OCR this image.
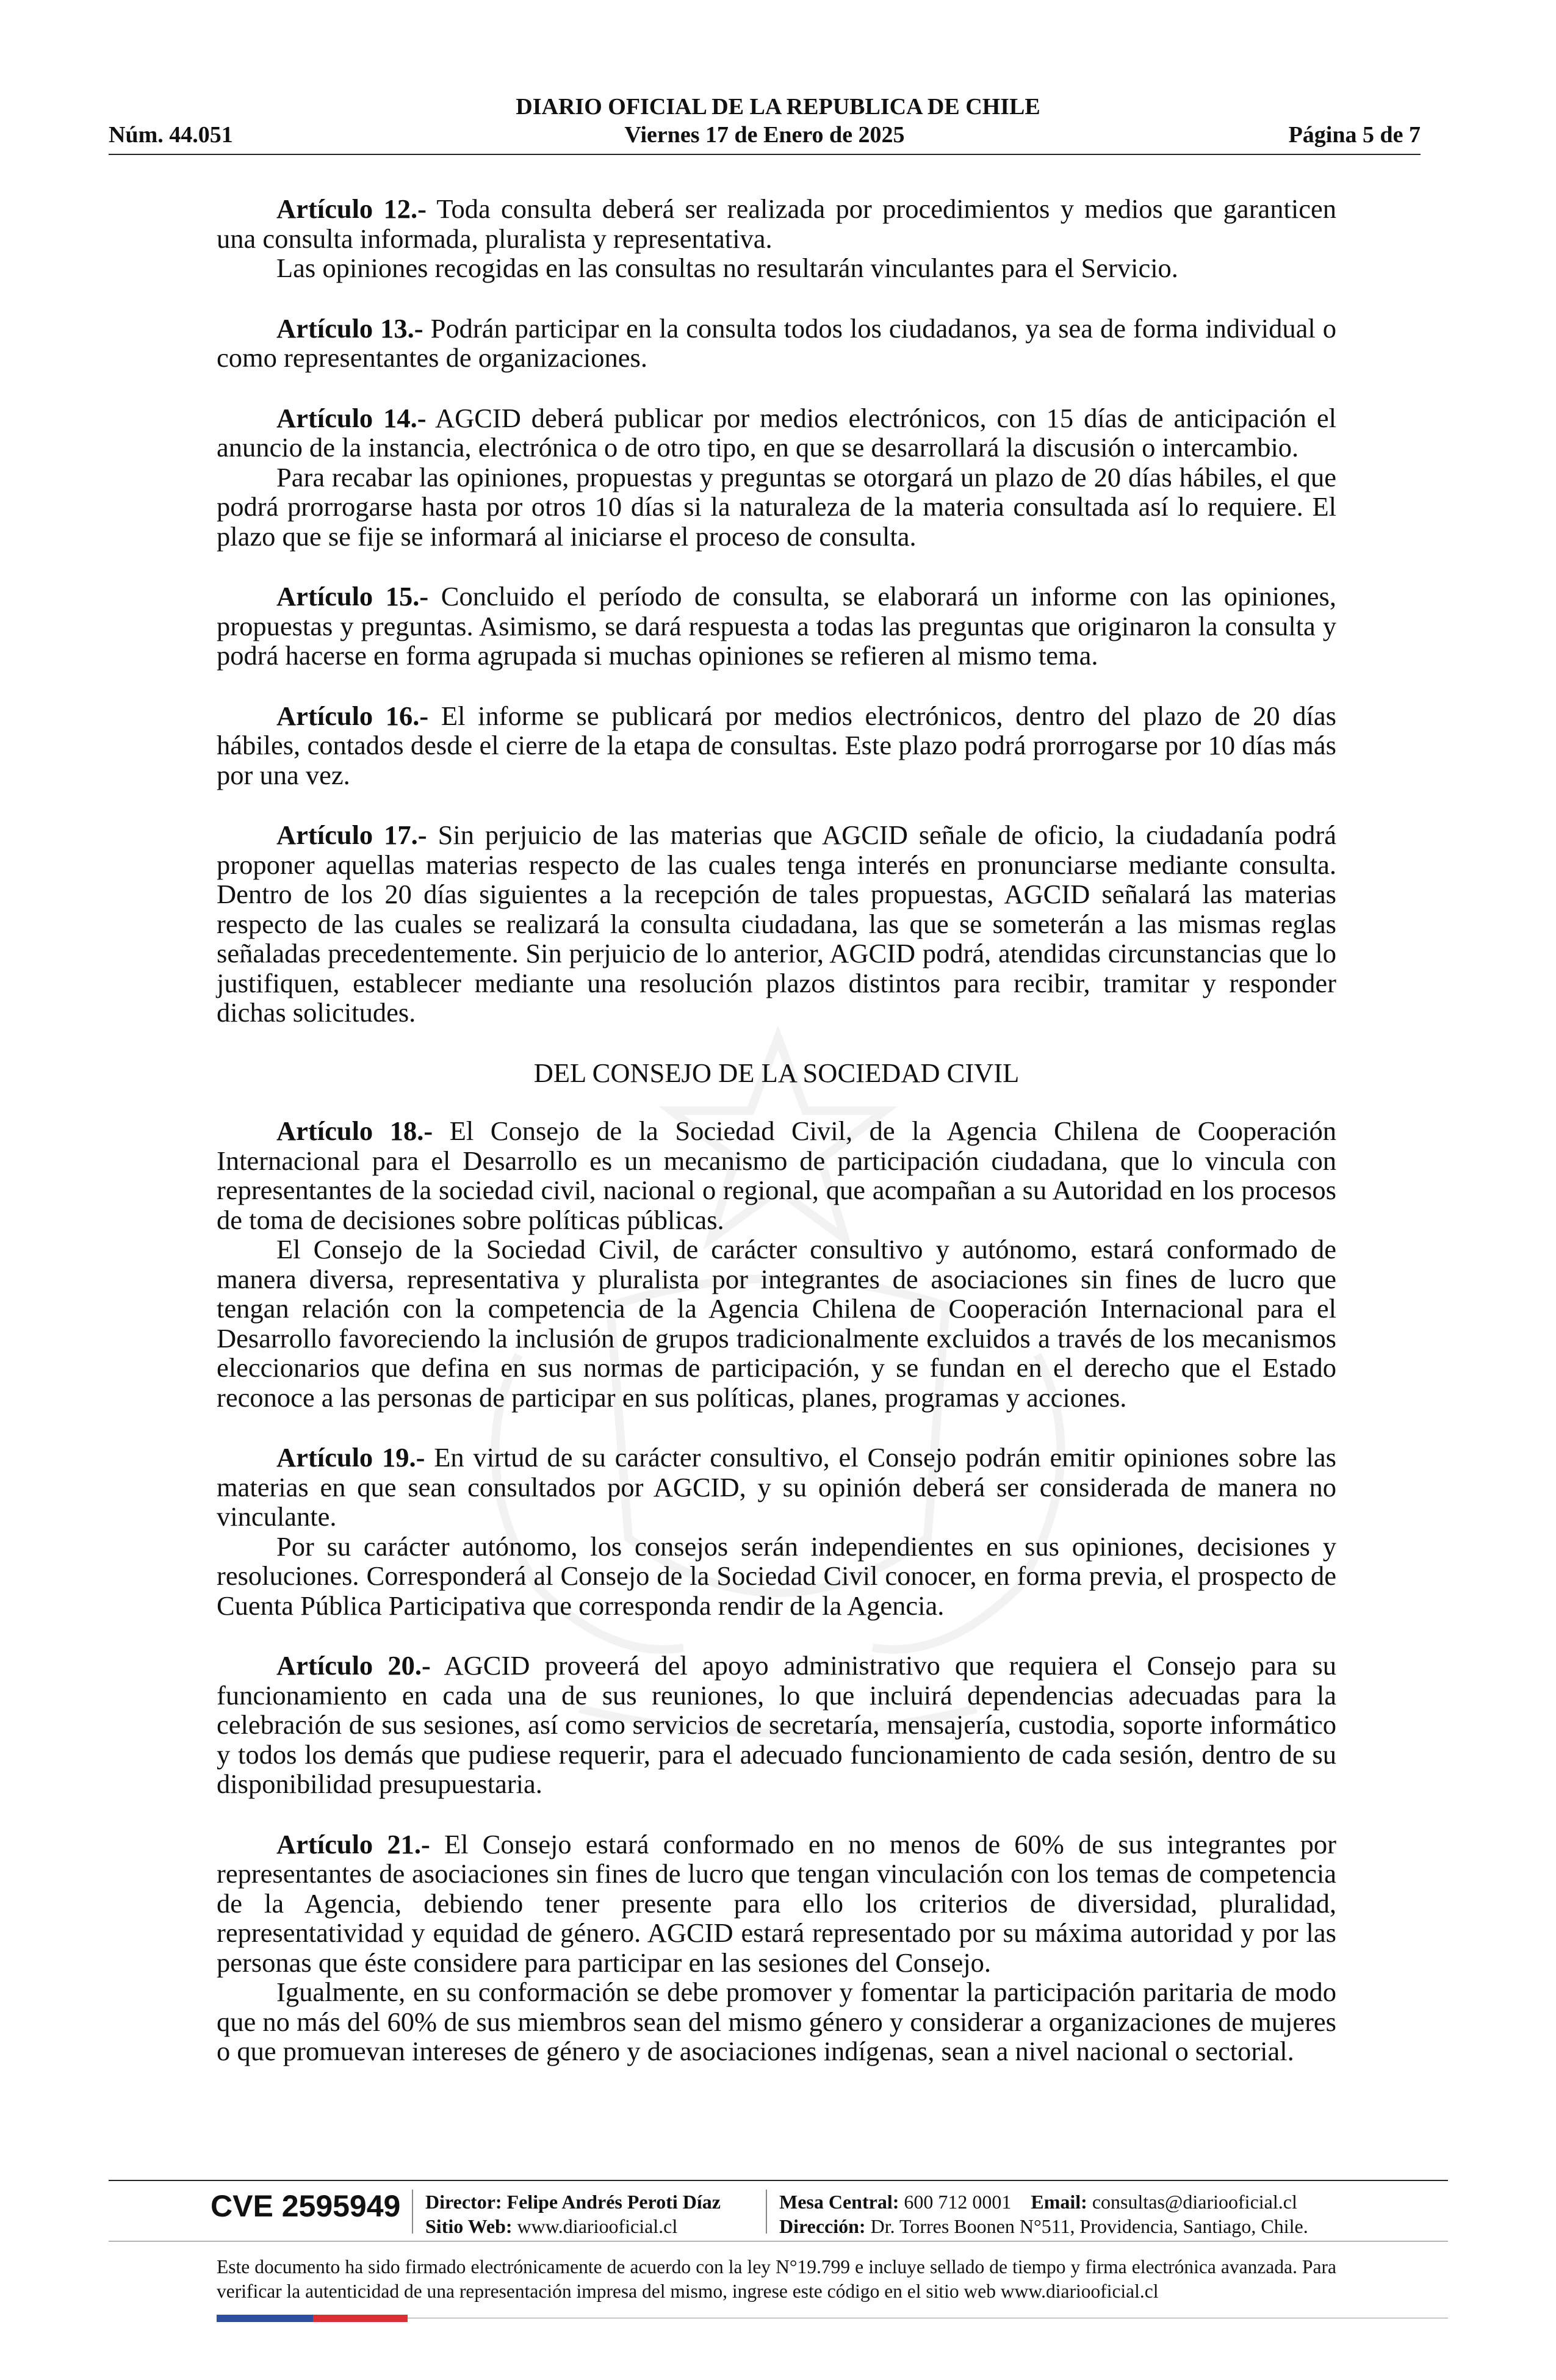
DIARIO OFICIAL DE LA REPUBLICA DE CHILE
Núm. 44.051	Viernes 17 de Enero de 2025	Página 5 de 7

Artículo 12.- Toda consulta deberá ser realizada por procedimientos y medios que garanticen una consulta informada, pluralista y representativa.

Las opiniones recogidas en las consultas no resultarán vinculantes para el Servicio.

Artículo 13.- Podrán participar en la consulta todos los ciudadanos, ya sea de forma individual o como representantes de organizaciones.

Artículo 14.- AGCID deberá publicar por medios electrónicos, con 15 días de anticipación el anuncio de la instancia, electrónica o de otro tipo, en que se desarrollará la discusión o intercambio.

Para recabar las opiniones, propuestas y preguntas se otorgará un plazo de 20 días hábiles, el que podrá prorrogarse hasta por otros 10 días si la naturaleza de la materia consultada así lo requiere. El plazo que se fije se informará al iniciarse el proceso de consulta.

Artículo 15.- Concluido el período de consulta, se elaborará un informe con las opiniones, propuestas y preguntas. Asimismo, se dará respuesta a todas las preguntas que originaron la consulta y podrá hacerse en forma agrupada si muchas opiniones se refieren al mismo tema.

Artículo 16.- El informe se publicará por medios electrónicos, dentro del plazo de 20 días hábiles, contados desde el cierre de la etapa de consultas. Este plazo podrá prorrogarse por 10 días más por una vez.

Artículo 17.- Sin perjuicio de las materias que AGCID señale de oficio, la ciudadanía podrá proponer aquellas materias respecto de las cuales tenga interés en pronunciarse mediante consulta. Dentro de los 20 días siguientes a la recepción de tales propuestas, AGCID señalará las materias respecto de las cuales se realizará la consulta ciudadana, las que se someterán a las mismas reglas señaladas precedentemente. Sin perjuicio de lo anterior, AGCID podrá, atendidas circunstancias que lo justifiquen, establecer mediante una resolución plazos distintos para recibir, tramitar y responder dichas solicitudes.

DEL CONSEJO DE LA SOCIEDAD CIVIL

Artículo 18.- El Consejo de la Sociedad Civil, de la Agencia Chilena de Cooperación Internacional para el Desarrollo es un mecanismo de participación ciudadana, que lo vincula con representantes de la sociedad civil, nacional o regional, que acompañan a su Autoridad en los procesos de toma de decisiones sobre políticas públicas.

El Consejo de la Sociedad Civil, de carácter consultivo y autónomo, estará conformado de manera diversa, representativa y pluralista por integrantes de asociaciones sin fines de lucro que tengan relación con la competencia de la Agencia Chilena de Cooperación Internacional para el Desarrollo favoreciendo la inclusión de grupos tradicionalmente excluidos a través de los mecanismos eleccionarios que defina en sus normas de participación, y se fundan en el derecho que el Estado reconoce a las personas de participar en sus políticas, planes, programas y acciones.

Artículo 19.- En virtud de su carácter consultivo, el Consejo podrán emitir opiniones sobre las materias en que sean consultados por AGCID, y su opinión deberá ser considerada de manera no vinculante.

Por su carácter autónomo, los consejos serán independientes en sus opiniones, decisiones y resoluciones. Corresponderá al Consejo de la Sociedad Civil conocer, en forma previa, el prospecto de Cuenta Pública Participativa que corresponda rendir de la Agencia.

Artículo 20.- AGCID proveerá del apoyo administrativo que requiera el Consejo para su funcionamiento en cada una de sus reuniones, lo que incluirá dependencias adecuadas para la celebración de sus sesiones, así como servicios de secretaría, mensajería, custodia, soporte informático y todos los demás que pudiese requerir, para el adecuado funcionamiento de cada sesión, dentro de su disponibilidad presupuestaria.

Artículo 21.- El Consejo estará conformado en no menos de 60% de sus integrantes por representantes de asociaciones sin fines de lucro que tengan vinculación con los temas de competencia de la Agencia, debiendo tener presente para ello los criterios de diversidad, pluralidad, representatividad y equidad de género. AGCID estará representado por su máxima autoridad y por las personas que éste considere para participar en las sesiones del Consejo.

Igualmente, en su conformación se debe promover y fomentar la participación paritaria de modo que no más del 60% de sus miembros sean del mismo género y considerar a organizaciones de mujeres o que promuevan intereses de género y de asociaciones indígenas, sean a nivel nacional o sectorial.

CVE 2595949 Director: Felipe Andrés Peroti Díaz
Sitio Web: www.diariooficial.cl
Mesa Central: 600 712 0001 Email: consultas@diariooficial.cl
Dirección: Dr. Torres Boonen N°511, Providencia, Santiago, Chile.
Este documento ha sido firmado electrónicamente de acuerdo con la ley N°19.799 e incluye sellado de tiempo y firma electrónica avanzada. Para verificar la autenticidad de una representación impresa del mismo, ingrese este código en el sitio web www.diariooficial.cl
